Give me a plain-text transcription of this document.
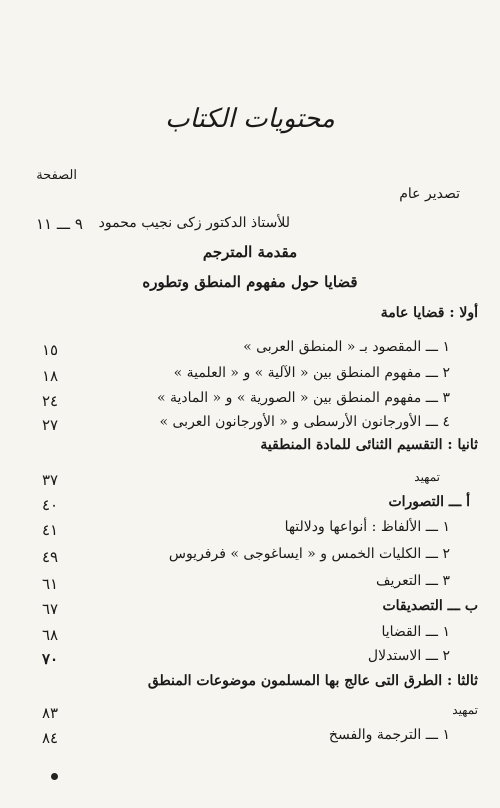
محتويات الكتاب
الصفحة
تصدير عام
للأستاذ الدكتور زكى نجيب محمود
٩ ـــ ١١
مقدمة المترجم
قضايا حول مفهوم المنطق وتطوره
أولا : قضايا عامة
١ ـــ المقصود بـ « المنطق العربى »
١٥
٢ ـــ مفهوم المنطق بين « الآلية » و « العلمية »
١٨
٣ ـــ مفهوم المنطق بين « الصورية » و « المادية »
٢٤
٤ ـــ الأورجانون الأرسطى و « الأورجانون العربى »
٢٧
ثانيا : التقسيم الثنائى للمادة المنطقية
تمهيد
٣٧
أ ـــ التصورات
٤٠
١ ـــ الألفاظ : أنواعها ودلالتها
٤١
٢ ـــ الكليات الخمس و « ايساغوجى » فرفريوس
٤٩
٣ ـــ التعريف
٦١
ب ـــ التصديقات
٦٧
١ ـــ القضايا
٦٨
٢ ـــ الاستدلال
٧٠
ثالثا : الطرق التى عالج بها المسلمون موضوعات المنطق
تمهيد
٨٣
١ ـــ الترجمة والفسخ
٨٤
